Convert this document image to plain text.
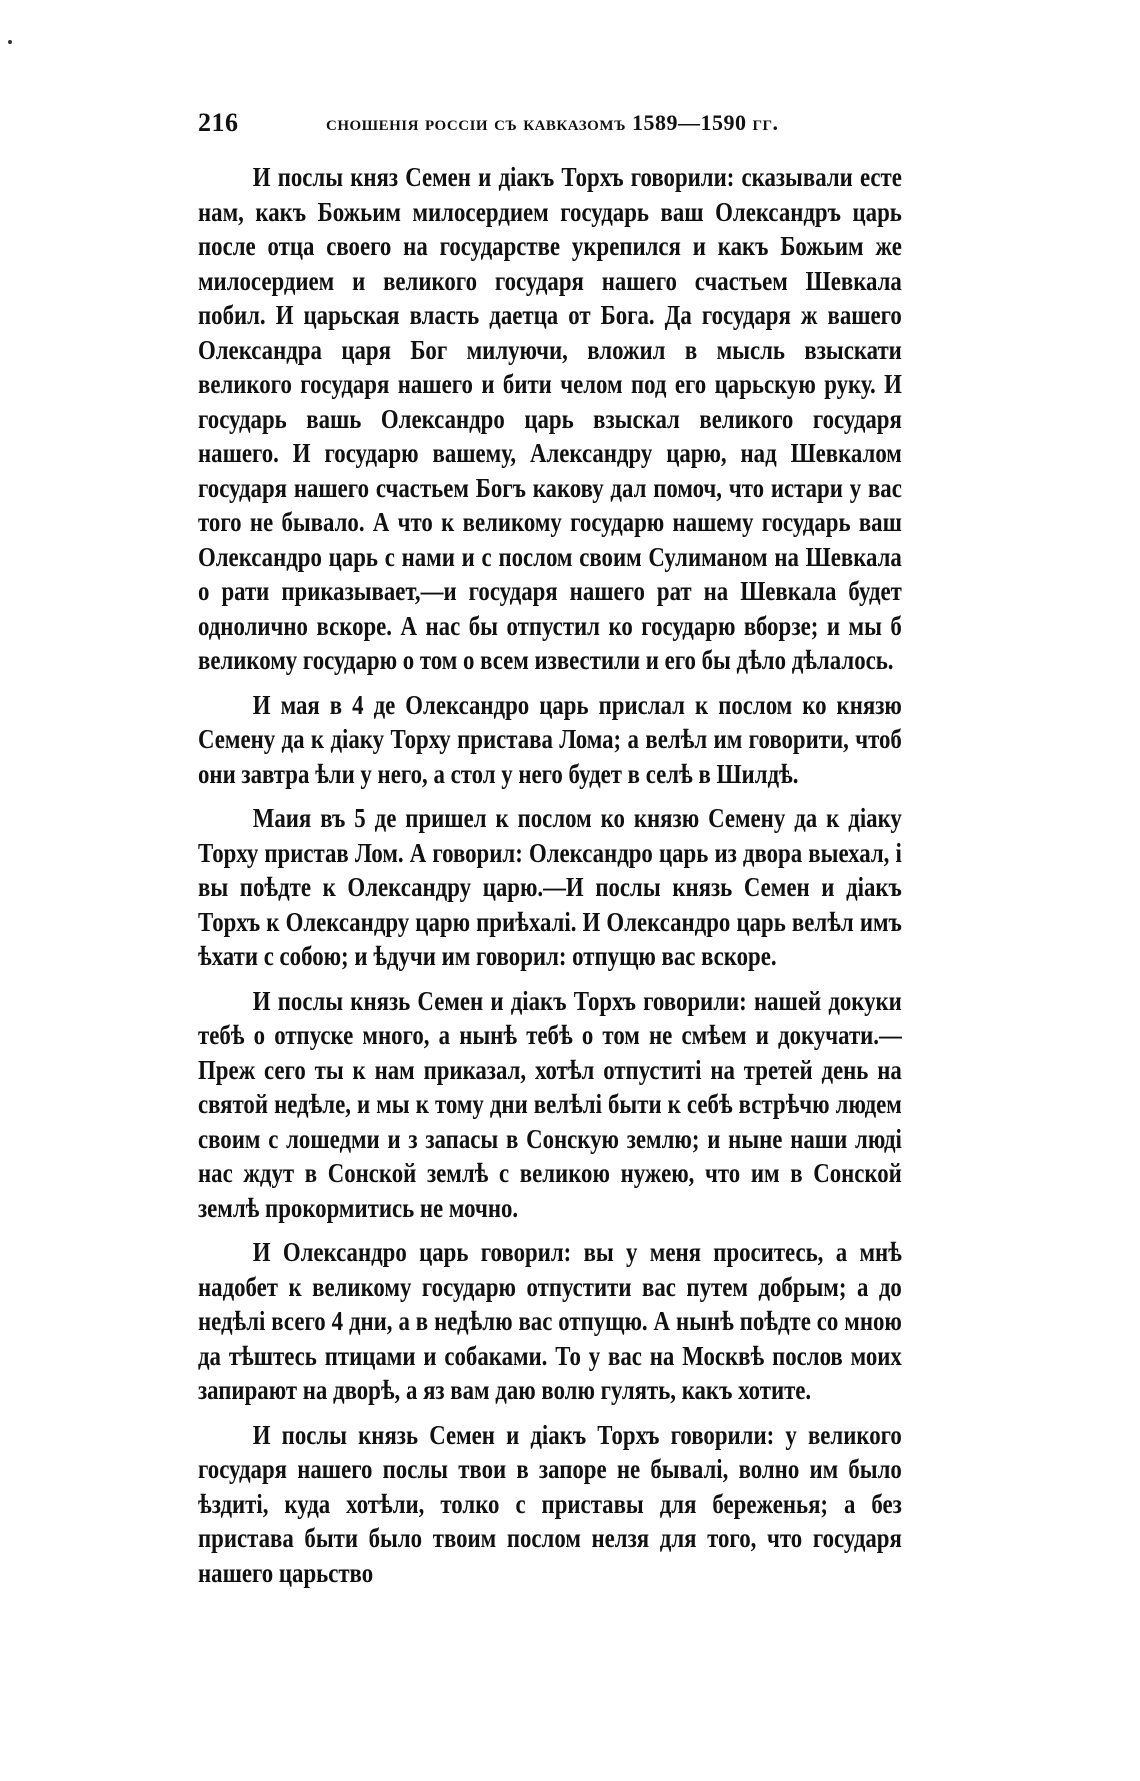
216	сношенія россіи съ кавказомъ 1589—1590 гг.

И послы княз Семен и діакъ Торхъ говорили: сказывали есте нам, какъ Божьим милосердием государь ваш Олександръ царь после отца своего на государстве укрепился и какъ Божьим же милосердием и великого государя нашего счастьем Шевкала побил. И царьская власть даетца от Бога. Да государя ж вашего Олександра царя Бог милуючи, вложил в мысль взыскати великого государя нашего и бити челом под его царьскую руку. И государь вашь Олександро царь взыскал великого государя нашего. И государю вашему, Александру царю, над Шевкалом государя нашего счастьем Богъ какову дал помоч, что истари у вас того не бывало. А что к великому государю нашему государь ваш Олександро царь с нами и с послом своим Сулиманом на Шевкала о рати приказывает,—и государя нашего рат на Шевкала будет однолично вскоре. А нас бы отпустил ко государю вборзе; и мы б великому государю о том о всем известили и его бы дѣло дѣлалось.

И мая в 4 де Олександро царь прислал к послом ко князю Семену да к діаку Торху пристава Лома; а велѣл им говорити, чтоб они завтра ѣли у него, а стол у него будет в селѣ в Шилдѣ.

Маия въ 5 де пришел к послом ко князю Семену да к діаку Торху пристав Лом. А говорил: Олександро царь из двора выехал, і вы поѣдте к Олександру царю.—И послы князь Семен и діакъ Торхъ к Олександру царю приѣхалі. И Олександро царь велѣл имъ ѣхати с собою; и ѣдучи им говорил: отпущю вас вскоре.

И послы князь Семен и діакъ Торхъ говорили: нашей докуки тебѣ о отпуске много, а нынѣ тебѣ о том не смѣем и докучати.— Преж сего ты к нам приказал, хотѣл отпуститі на третей день на святой недѣле, и мы к тому дни велѣлі быти к себѣ встрѣчю людем своим с лошедми и з запасы в Сонскую землю; и ныне наши люді нас ждут в Сонской землѣ с великою нужею, что им в Сонской землѣ прокормитись не мочно.

И Олександро царь говорил: вы у меня проситесь, а мнѣ надобет к великому государю отпустити вас путем добрым; а до недѣлі всего 4 дни, а в недѣлю вас отпущю. А нынѣ поѣдте со мною да тѣштесь птицами и собаками. То у вас на Москвѣ послов моих запирают на дворѣ, а яз вам даю волю гулять, какъ хотите.

И послы князь Семен и діакъ Торхъ говорили: у великого государя нашего послы твои в запоре не бывалі, волно им было ѣздиті, куда хотѣли, толко с приставы для береженья; а без пристава быти было твоим послом нелзя для того, что государя нашего царьство
